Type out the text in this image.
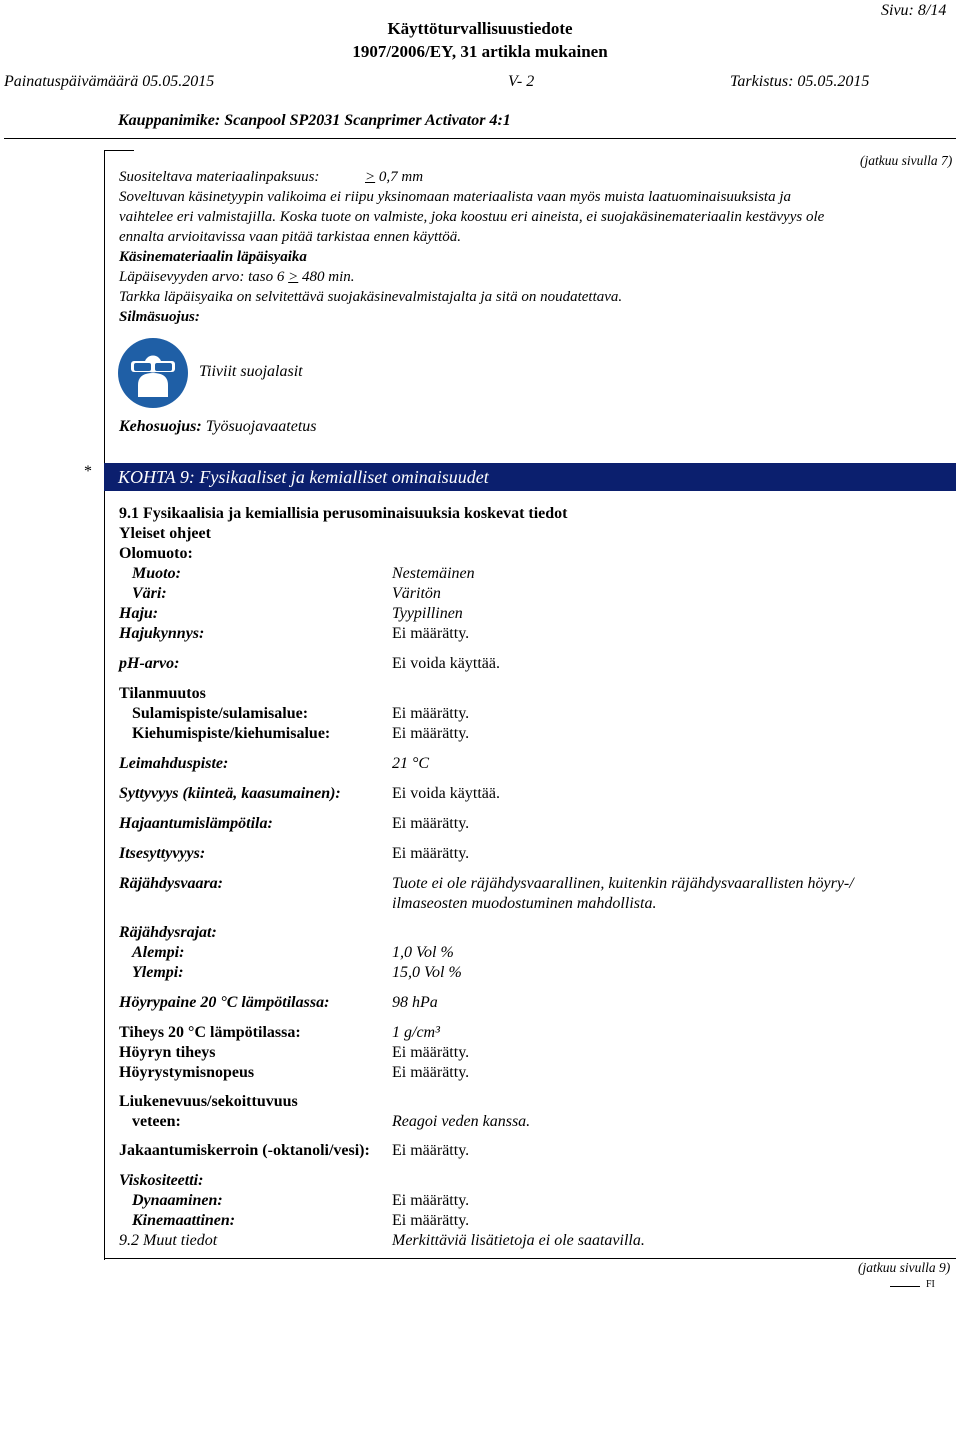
Sivu: 8/14
Käyttöturvallisuustiedote
1907/2006/EY, 31 artikla mukainen
Painatuspäivämäärä 05.05.2015	V- 2	Tarkistus: 05.05.2015
Kauppanimike: Scanpool SP2031 Scanprimer Activator 4:1
(jatkuu sivulla 7)
Suositeltava materiaalinpaksuus:	> 0,7 mm
Soveltuvan käsinetyypin valikoima ei riipu yksinomaan materiaalista vaan myös muista laatuominaisuuksista ja
vaihtelee eri valmistajilla. Koska tuote on valmiste, joka koostuu eri aineista, ei suojakäsinemateriaalin kestävyys ole
ennalta arvioitavissa vaan pitää tarkistaa ennen käyttöä.
Käsinemateriaalin läpäisyaika
Läpäisevyyden arvo: taso 6 > 480 min.
Tarkka läpäisyaika on selvitettävä suojakäsinevalmistajalta ja sitä on noudatettava.
Silmäsuojus:
Tiiviit suojalasit
Kehosuojus: Työsuojavaatetus
* KOHTA 9: Fysikaaliset ja kemialliset ominaisuudet
9.1 Fysikaalisia ja kemiallisia perusominaisuuksia koskevat tiedot
Yleiset ohjeet
Olomuoto:
Muoto:	Nestemäinen
Väri:	Väritön
Haju:	Tyypillinen
Hajukynnys:	Ei määrätty.
pH-arvo:	Ei voida käyttää.
Tilanmuutos
Sulamispiste/sulamisalue:	Ei määrätty.
Kiehumispiste/kiehumisalue:	Ei määrätty.
Leimahduspiste:	21 °C
Syttyvyys (kiinteä, kaasumainen):	Ei voida käyttää.
Hajaantumislämpötila:	Ei määrätty.
Itsesyttyvyys:	Ei määrätty.
Räjähdysvaara:	Tuote ei ole räjähdysvaarallinen, kuitenkin räjähdysvaarallisten höyry-/
ilmaseosten muodostuminen mahdollista.
Räjähdysrajat:
Alempi:	1,0 Vol %
Ylempi:	15,0 Vol %
Höyrypaine 20 °C lämpötilassa:	98 hPa
Tiheys 20 °C lämpötilassa:	1 g/cm³
Höyryn tiheys	Ei määrätty.
Höyrystymisnopeus	Ei määrätty.
Liukenevuus/sekoittuvuus
veteen:	Reagoi veden kanssa.
Jakaantumiskerroin (-oktanoli/vesi): Ei määrätty.
Viskositeetti:
Dynaaminen:	Ei määrätty.
Kinemaattinen:	Ei määrätty.
9.2 Muut tiedot	Merkittäviä lisätietoja ei ole saatavilla.
(jatkuu sivulla 9)
FI
